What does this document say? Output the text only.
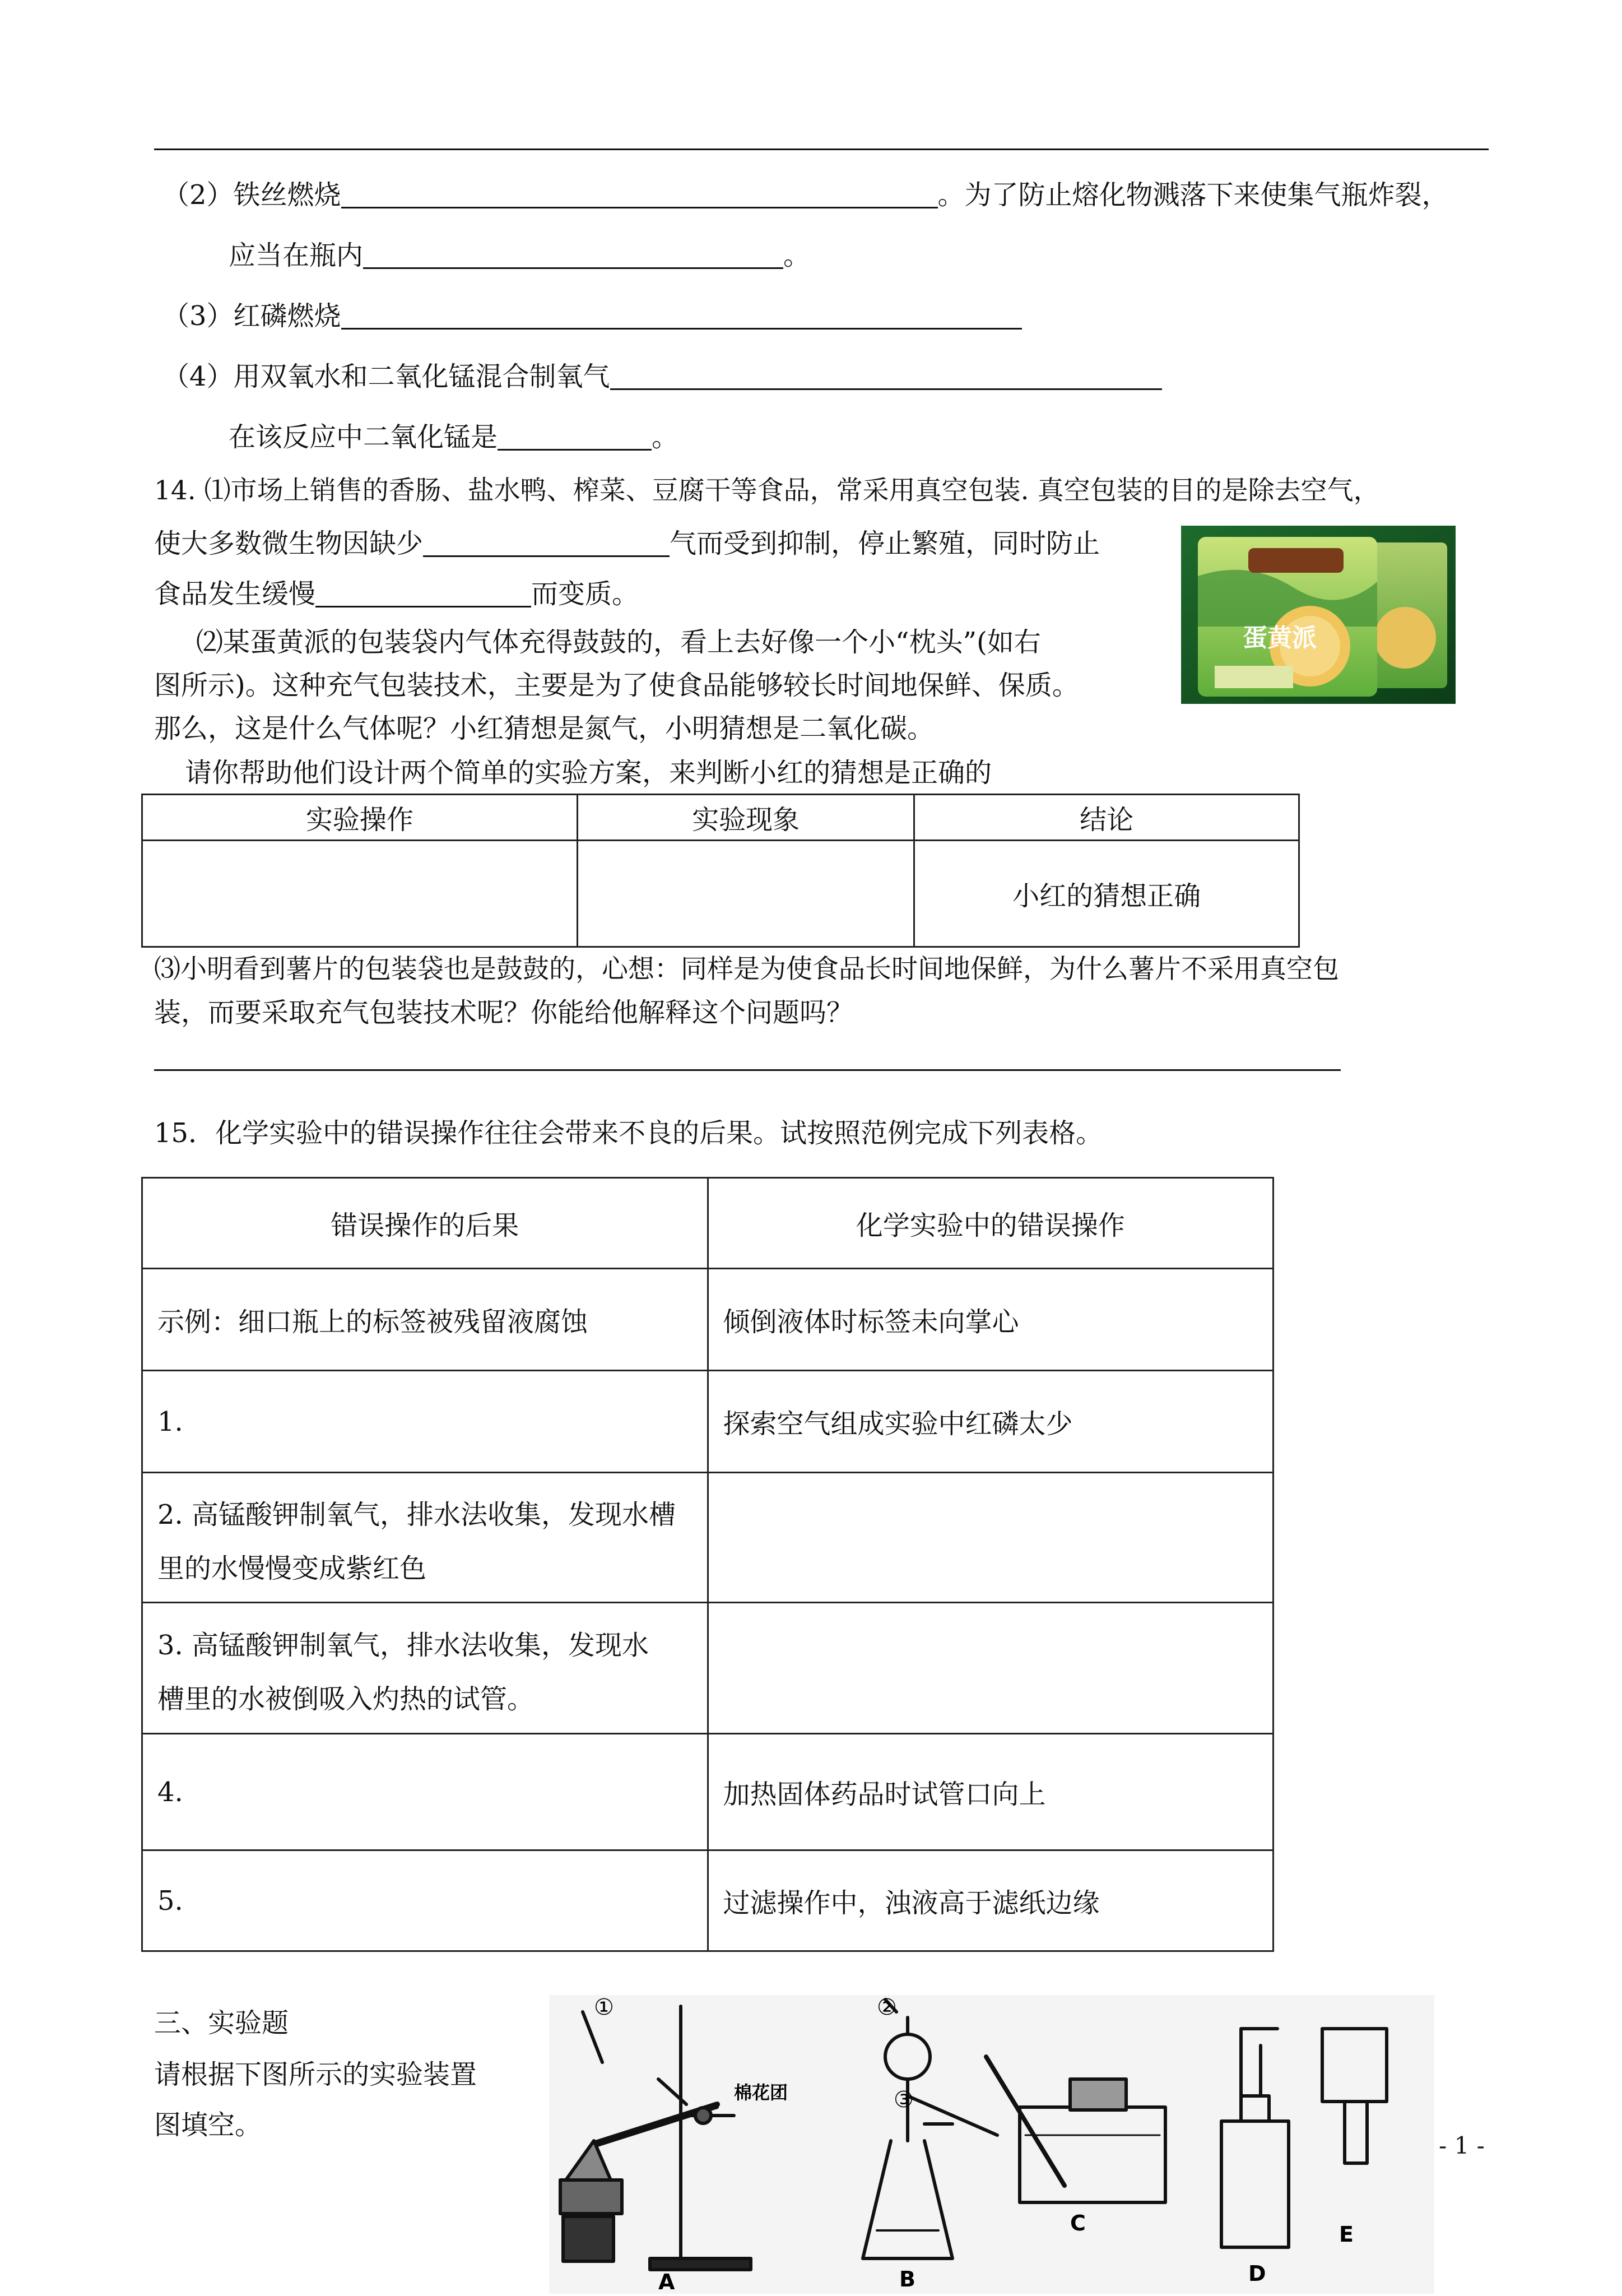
（2）铁丝燃烧	。为了防止熔化物溅落下来使集气瓶炸裂，
应当在瓶内	。
（3）红磷燃烧
（4）用双氧水和二氧化锰混合制氧气
在该反应中二氧化锰是	。
14. ⑴市场上销售的香肠、盐水鸭、榨菜、豆腐干等食品，常采用真空包装. 真空包装的目的是除去空气，
使大多数微生物因缺少	气而受到抑制，停止繁殖，同时防止
食品发生缓慢	而变质。
⑵某蛋黄派的包装袋内气体充得鼓鼓的，看上去好像一个小“枕头”(如右
图所示)。这种充气包装技术，主要是为了使食品能够较长时间地保鲜、保质。
那么，这是什么气体呢？小红猜想是氮气，小明猜想是二氧化碳。
请你帮助他们设计两个简单的实验方案，来判断小红的猜想是正确的
蛋黄派
实验操作	实验现象	结论
		小红的猜想正确
⑶小明看到薯片的包装袋也是鼓鼓的，心想：同样是为使食品长时间地保鲜，为什么薯片不采用真空包
装，而要采取充气包装技术呢？你能给他解释这个问题吗？
15．化学实验中的错误操作往往会带来不良的后果。试按照范例完成下列表格。
错误操作的后果	化学实验中的错误操作
示例：细口瓶上的标签被残留液腐蚀	倾倒液体时标签未向掌心
1.	探索空气组成实验中红磷太少

2. 高锰酸钾制氧气，排水法收集，发现水槽
里的水慢慢变成紫红色	

3. 高锰酸钾制氧气，排水法收集，发现水
槽里的水被倒吸入灼热的试管。	

4.	加热固体药品时试管口向上
5.	过滤操作中，浊液高于滤纸边缘
三、实验题
请根据下图所示的实验装置
图填空。
①	②
③
棉花团
A	B
C
D
E
- 1 -
